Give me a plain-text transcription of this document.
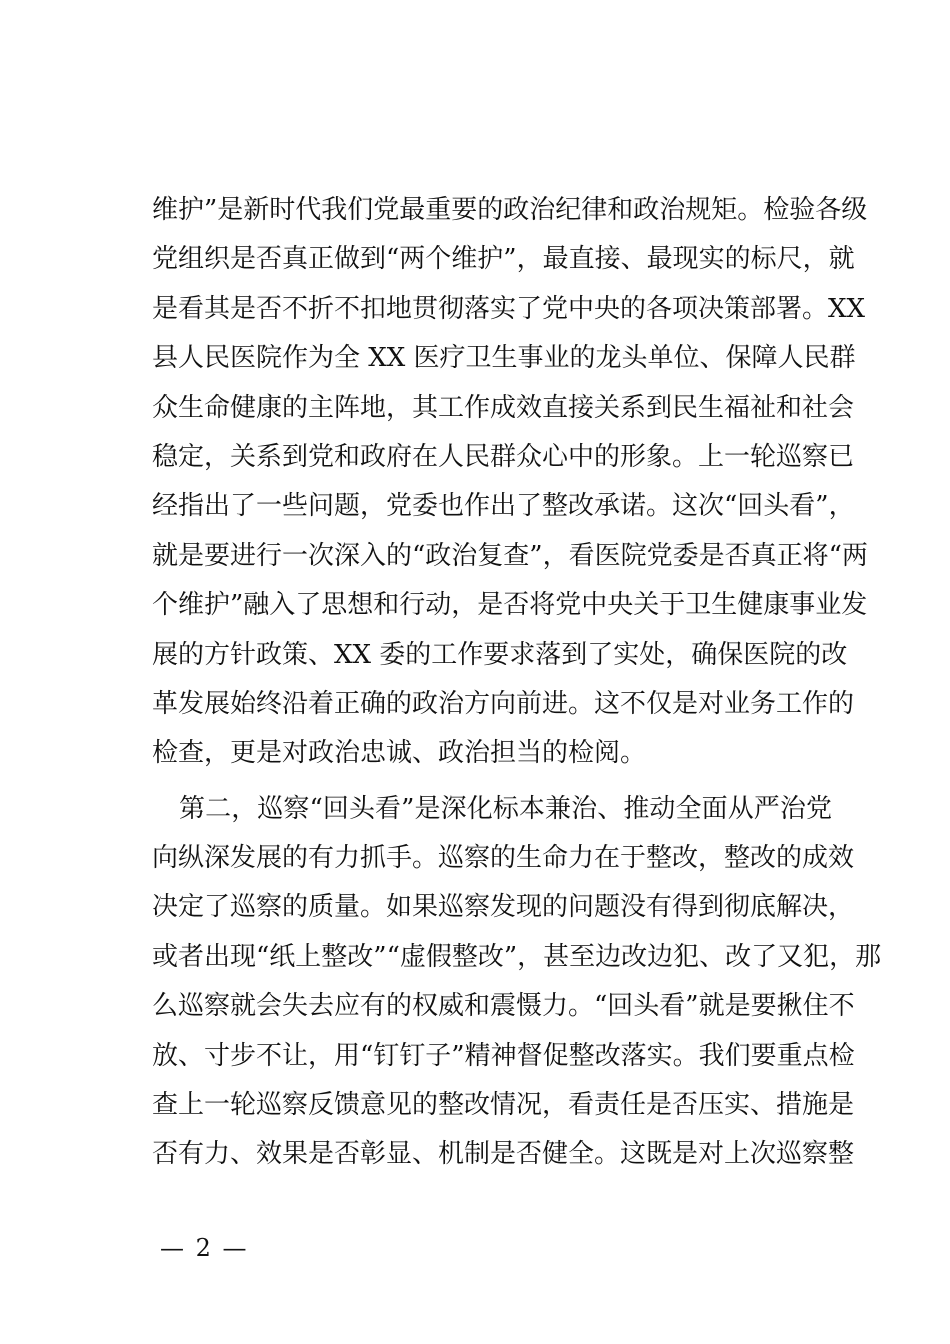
维护”是新时代我们党最重要的政治纪律和政治规矩。检验各级
党组织是否真正做到“两个维护”，最直接、最现实的标尺，就
是看其是否不折不扣地贯彻落实了党中央的各项决策部署。XX
县人民医院作为全 XX 医疗卫生事业的龙头单位、保障人民群
众生命健康的主阵地，其工作成效直接关系到民生福祉和社会
稳定，关系到党和政府在人民群众心中的形象。上一轮巡察已
经指出了一些问题，党委也作出了整改承诺。这次“回头看”，
就是要进行一次深入的“政治复查”，看医院党委是否真正将“两
个维护”融入了思想和行动，是否将党中央关于卫生健康事业发
展的方针政策、XX 委的工作要求落到了实处，确保医院的改
革发展始终沿着正确的政治方向前进。这不仅是对业务工作的
检查，更是对政治忠诚、政治担当的检阅。
第二，巡察“回头看”是深化标本兼治、推动全面从严治党
向纵深发展的有力抓手。巡察的生命力在于整改，整改的成效
决定了巡察的质量。如果巡察发现的问题没有得到彻底解决，
或者出现“纸上整改”“虚假整改”，甚至边改边犯、改了又犯，那
么巡察就会失去应有的权威和震慑力。“回头看”就是要揪住不
放、寸步不让，用“钉钉子”精神督促整改落实。我们要重点检
查上一轮巡察反馈意见的整改情况，看责任是否压实、措施是
否有力、效果是否彰显、机制是否健全。这既是对上次巡察整
— 2 —
